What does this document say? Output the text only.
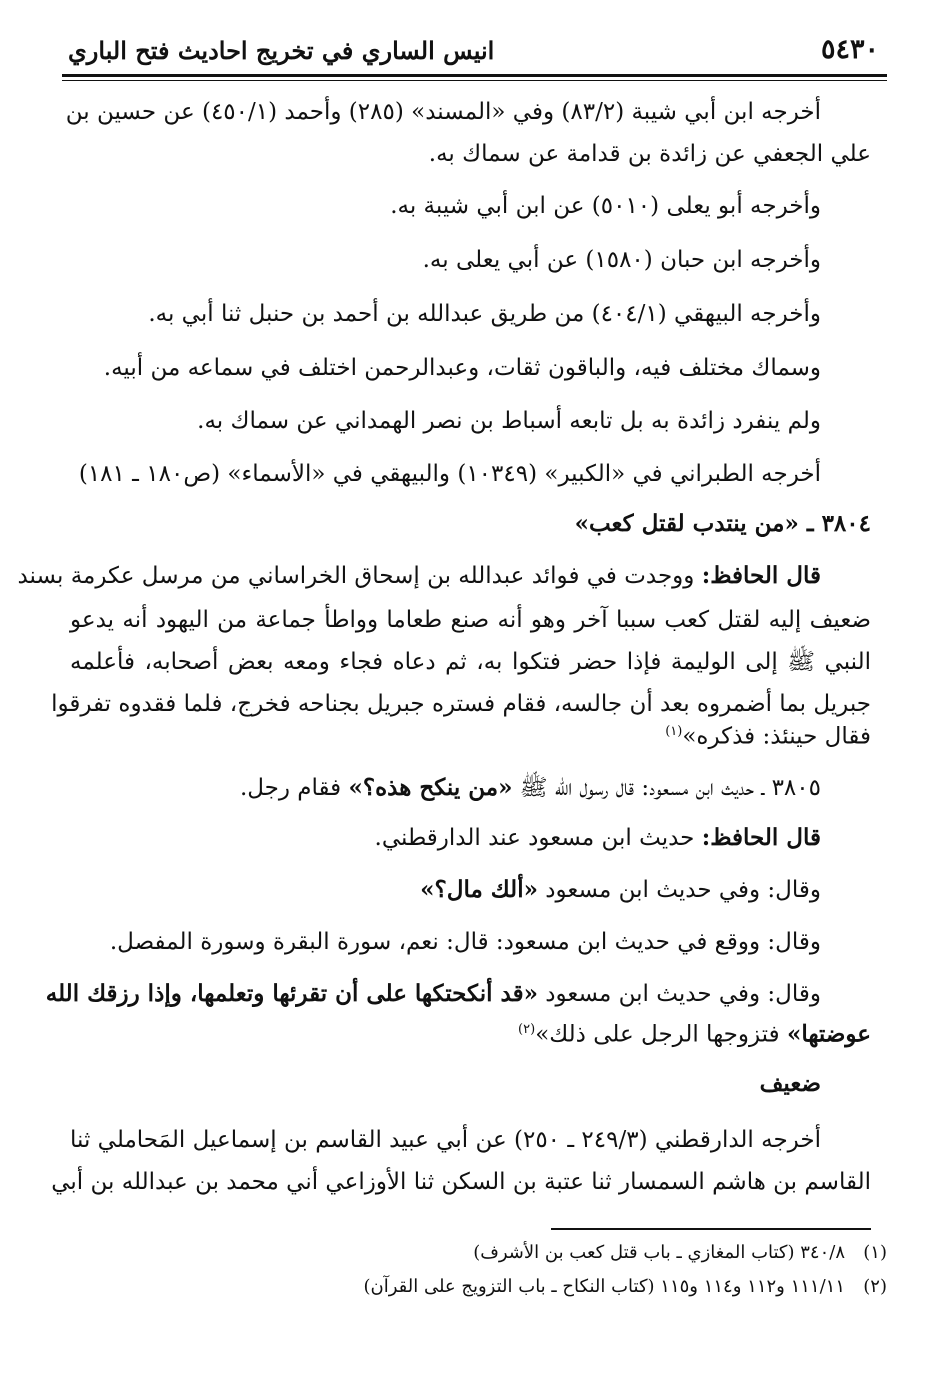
٥٤٣٠
انيس الساري في تخريج احاديث فتح الباري
أخرجه ابن أبي شيبة (٨٣/٢) وفي «المسند» (٢٨٥) وأحمد (٤٥٠/١) عن حسين بن
علي الجعفي عن زائدة بن قدامة عن سماك به.
وأخرجه أبو يعلى (٥٠١٠) عن ابن أبي شيبة به.
وأخرجه ابن حبان (١٥٨٠) عن أبي يعلى به.
وأخرجه البيهقي (٤٠٤/١) من طريق عبدالله بن أحمد بن حنبل ثنا أبي به.
وسماك مختلف فيه، والباقون ثقات، وعبدالرحمن اختلف في سماعه من أبيه.
ولم ينفرد زائدة به بل تابعه أسباط بن نصر الهمداني عن سماك به.
أخرجه الطبراني في «الكبير» (١٠٣٤٩) والبيهقي في «الأسماء» (ص١٨٠ ـ ١٨١)
٣٨٠٤ ـ «من ينتدب لقتل كعب»
قال الحافظ: ووجدت في فوائد عبدالله بن إسحاق الخراساني من مرسل عكرمة بسند
ضعيف إليه لقتل كعب سببا آخر وهو أنه صنع طعاما وواطأ جماعة من اليهود أنه يدعو
النبي ﷺ إلى الوليمة فإذا حضر فتكوا به، ثم دعاه فجاء ومعه بعض أصحابه، فأعلمه
جبريل بما أضمروه بعد أن جالسه، فقام فستره جبريل بجناحه فخرج، فلما فقدوه تفرقوا
فقال حينئذ: فذكره»$^{(١)}$
٣٨٠٥ ـ حديث ابن مسعود: قال رسول الله ﷺ «من ينكح هذه؟» فقام رجل.
قال الحافظ: حديث ابن مسعود عند الدارقطني.
وقال: وفي حديث ابن مسعود «ألك مال؟»
وقال: ووقع في حديث ابن مسعود: قال: نعم، سورة البقرة وسورة المفصل.
وقال: وفي حديث ابن مسعود «قد أنكحتكها على أن تقرئها وتعلمها، وإذا رزقك الله
عوضتها» فتزوجها الرجل على ذلك»$^{(٢)}$
ضعيف
أخرجه الدارقطني (٢٤٩/٣ ـ ٢٥٠) عن أبي عبيد القاسم بن إسماعيل المَحاملي ثنا
القاسم بن هاشم السمسار ثنا عتبة بن السكن ثنا الأوزاعي أني محمد بن عبدالله بن أبي
(١)٣٤٠/٨ (كتاب المغازي ـ باب قتل كعب بن الأشرف)
(٢)١١١/١١ و١١٢ و١١٤ و١١٥ (كتاب النكاح ـ باب التزويج على القرآن)
